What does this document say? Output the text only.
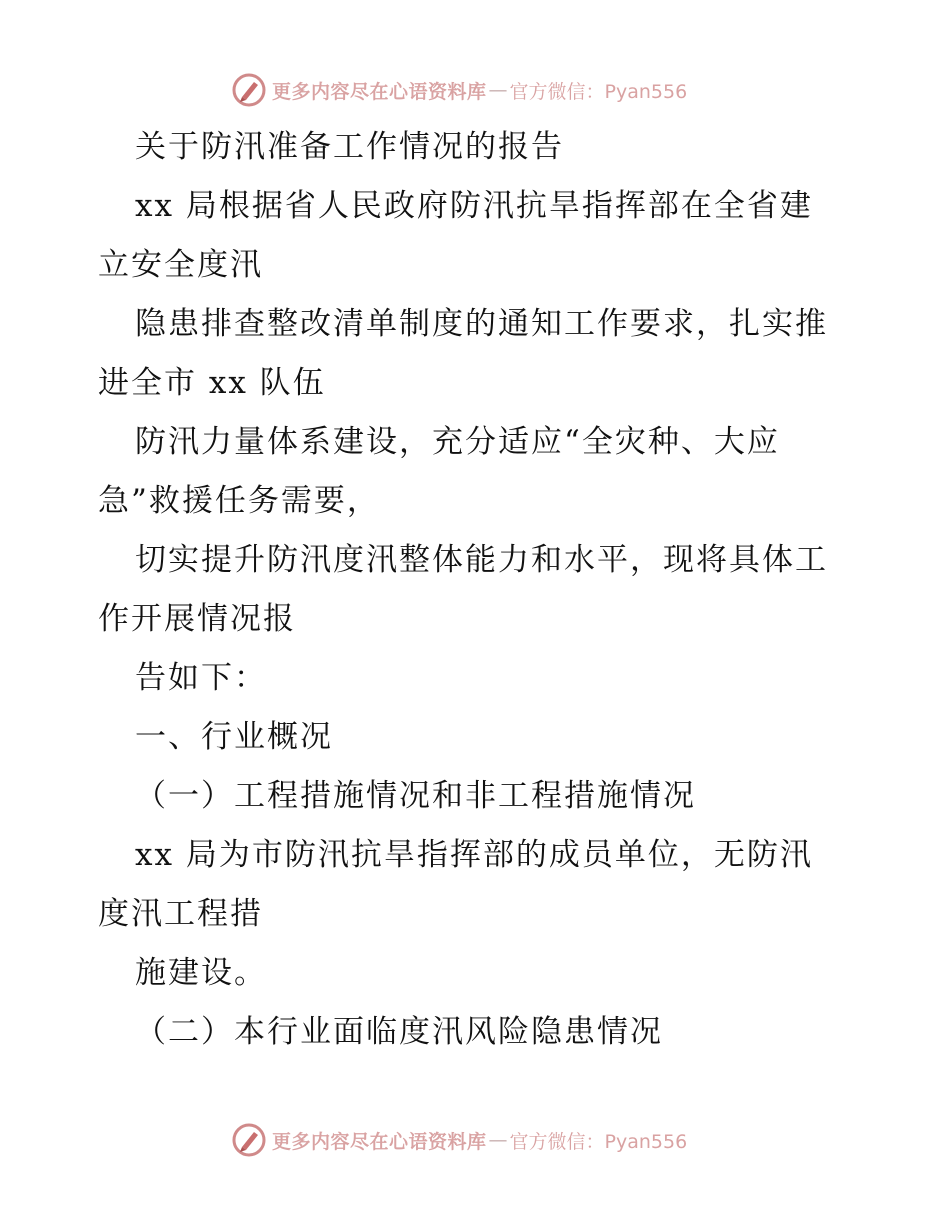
更多内容尽在心语资料库 — 官方微信：Pyan556
关于防汛准备工作情况的报告
xx 局根据省人民政府防汛抗旱指挥部在全省建
立安全度汛
隐患排查整改清单制度的通知工作要求，扎实推
进全市 xx 队伍
防汛力量体系建设，充分适应“全灾种、大应
急”救援任务需要，
切实提升防汛度汛整体能力和水平，现将具体工
作开展情况报
告如下：
一、行业概况
（一）工程措施情况和非工程措施情况
xx 局为市防汛抗旱指挥部的成员单位，无防汛
度汛工程措
施建设。
（二）本行业面临度汛风险隐患情况
更多内容尽在心语资料库 — 官方微信：Pyan556
